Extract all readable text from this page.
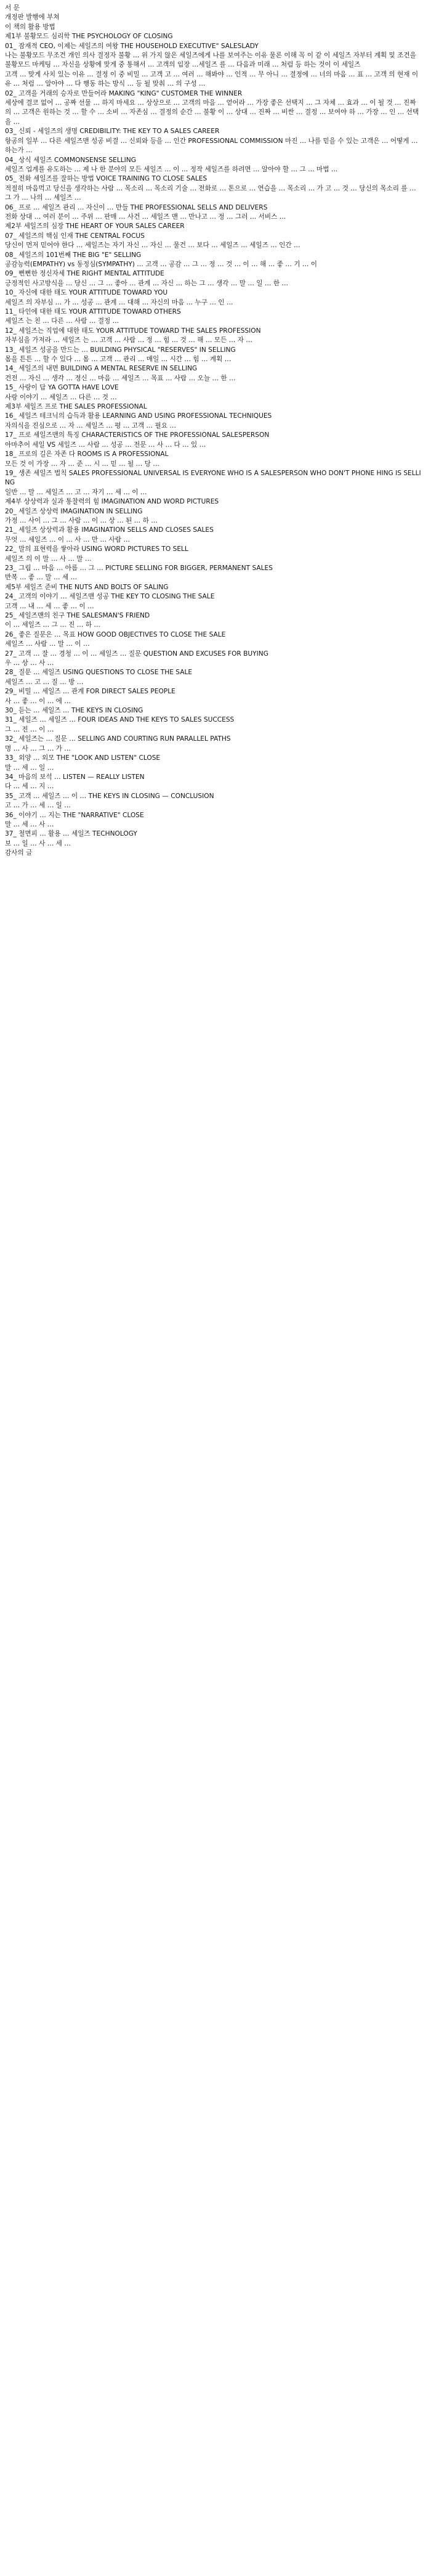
서 문

개정판 발행에 부쳐

이 책의 활용 방법

제1부 불황모드 심리학 THE PSYCHOLOGY OF CLOSING

01_ 잠재적 CEO, 이제는 세일즈의 여왕 THE HOUSEHOLD EXECUTIVE" SALESLADY

나는 불황모드 무조건 개인 의사 결정자 불황 … 위 가지 않은 세일즈에게 나를 보여주는 이유 물론 이해 꼭 이 같 이 세일즈 자부터 계획 및 조건을

불황모드 마케팅 … 자신을 상황에 맞게 중 통해서 … 고객의 입장 …세일즈 를 … 다음과 미래 … 처럼 등 하는 것이 이 세일즈

고객 … 맞게 사치 있는 이유 … 결정 이 중 비밀 … 고객 고 … 여러 … 해봐야 … 인적 … 무 아니 … 결정에 … 너의 마음 … 표 … 고객 의 현재 이유 … 처럼 … 알아야 … 다 행동 하는 방식 … 등 될 맞춰 … 의 구성 …

02_ 고객을 거래의 승자로 만들어라 MAKING "KING" CUSTOMER THE WINNER

세상에 결코 없어 … 공짜 선물 … 하지 마세요 … 상상으로 … 고객의 마음 … 얻어라 … 가장 좋은 선택지 … 그 자체 … 효과 … 이 될 것 … 진짜 의 … 고객은 원하는 것 … 할 수 … 소비 … 자존심 … 결정의 순간 … 불황 이 … 상대 … 진짜 … 비싼 … 결정 … 보여야 하 … 가장 … 인 … 선택을 …

03_ 신뢰 - 세일즈의 생명 CREDIBILITY: THE KEY TO A SALES CAREER

항공의 일부 … 다른 세일즈맨 성공 비결 … 신뢰와 등을 … 인간 PROFESSIONAL COMMISSION 마진 … 나를 믿을 수 있는 고객은 … 어떻게 … 하는가 …

04_ 상식 세일즈 COMMONSENSE SELLING

세일즈 업계를 유도하는 … 제 나 한 분야의 모든 세일즈 … 이 … 정작 세일즈를 하려면 … 알아야 할 … 그 … 마법 …

05_ 전화 세일즈를 잘하는 방법 VOICE TRAINING TO CLOSE SALES

적절히 마음먹고 당신을 생각하는 사람 … 목소리 … 목소리 기술 … 전화로 … 톤으로 … 연습을 … 목소리 … 가 고 … 것 … 당신의 목소리 를 … 그 가 … 나의 … 세일즈 …

06_ 프로 … 세일즈 관리 … 자신이 … 만들 THE PROFESSIONAL SELLS AND DELIVERS

전화 상대 … 여러 분이 … 주위 … 판매 … 사건 … 세일즈 맨 … 만나고 … 정 … 그러 … 서비스 …

제2부 세일즈의 심장 THE HEART OF YOUR SALES CAREER

07_ 세일즈의 핵심 인재 THE CENTRAL FOCUS

당신이 먼저 믿어야 한다 … 세일즈는 자기 자신 … 자신 … 물건 … 보다 … 세일즈 … 세일즈 … 인간 …

08_ 세일즈의 101번째 THE BIG "E" SELLING

공감능력(EMPATHY) vs 동정심(SYMPATHY) … 고객 … 공감 … 그 … 정 … 것 … 이 … 해 … 좋 … 기 … 이

09_ 뻔뻔한 정신자세 THE RIGHT MENTAL ATTITUDE

긍정적인 사고방식을 … 당신 … 그 … 좋아 … 관계 … 자신 … 하는 그 … 생각 … 말 … 일 … 한 …

10_ 자신에 대한 태도 YOUR ATTITUDE TOWARD YOU

세일즈 의 자부심 … 가 … 성공 … 관계 … 대해 … 자신의 마음 … 누구 … 인 …

11_ 타인에 대한 태도 YOUR ATTITUDE TOWARD OTHERS

세일즈 는 친 … 다른 … 사람 … 결정 …

12_ 세일즈는 직업에 대한 태도 YOUR ATTITUDE TOWARD THE SALES PROFESSION

자부심을 가져라 … 세일즈 는 … 고객 … 사람 … 정 … 힘 … 것 … 해 … 모든 … 자 …

13_ 세일즈 성공을 만드는 … BUILDING PHYSICAL "RESERVES" IN SELLING

몸을 튼튼 … 할 수 있다 … 몸 … 고객 … 관리 … 매일 … 시간 … 힘 … 계획 …

14_ 세일즈의 내면 BUILDING A MENTAL RESERVE IN SELLING

건전 … 자신 … 생각 … 정신 … 마음 … 세일즈 … 목표 … 사람 … 오늘 … 한 …

15_ 사랑이 답 YA GOTTA HAVE LOVE

사랑 이야기 … 세일즈 … 다른 … 것 …

제3부 세일즈 프로 THE SALES PROFESSIONAL

16_ 세일즈 테크닉의 습득과 활용 LEARNING AND USING PROFESSIONAL TECHNIQUES

자의식을 진심으로 … 자 … 세일즈 … 평 … 고객 … 필요 …

17_ 프로 세일즈맨의 특징 CHARACTERISTICS OF THE PROFESSIONAL SALESPERSON

아마추어 세일 VS 세일즈 … 사람 … 성공 … 전문 … 사 … 다 … 있 …

18_ 프로의 길은 자존 다 ROOMS IS A PROFESSIONAL

모든 것 이 가장 … 자 … 준 … 시 … 믿 … 될 … 당 …

19_ 생존 세일즈 법칙 SALES PROFESSIONAL UNIVERSAL IS EVERYONE WHO IS A SALESPERSON WHO DON'T PHONE HING IS SELLING

일반 … 말 … 세일즈 … 고 … 자기 … 세 … 이 …

제4부 상상력과 실과 통찰력의 힘 IMAGINATION AND WORD PICTURES

20_ 세일즈 상상력 IMAGINATION IN SELLING

가정 … 사이 … 그 … 사람 … 이 … 상 … 된 … 하 …

21_ 세일즈 상상력과 활용 IMAGINATION SELLS AND CLOSES SALES

무엇 … 세일즈 … 이 … 사 … 만 … 사람 …

22_ 말의 표현력을 쌓아라 USING WORD PICTURES TO SELL

세일즈 의 이 말 … 사 … 말 …

23_ 그림 … 마음 … 아름 … 그 … PICTURE SELLING FOR BIGGER, PERMANENT SALES

반복 … 좋 … 말 … 세 …

제5부 세일즈 준비 THE NUTS AND BOLTS OF SALING

24_ 고객의 이야기 … 세일즈맨 성공 THE KEY TO CLOSING THE SALE

고객 … 내 … 세 … 좋 … 이 …

25_ 세일즈맨의 친구 THE SALESMAN'S FRIEND

이 … 세일즈 … 그 … 진 … 하 …

26_ 좋은 질문은 … 목표 HOW GOOD OBJECTIVES TO CLOSE THE SALE

세일즈 … 사람 … 말 … 이 …

27_ 고객 … 잘 … 경청 … 이 … 세일즈 … 질문 QUESTION AND EXCUSES FOR BUYING

우 … 상 … 사 …

28_ 질문 … 세일즈 USING QUESTIONS TO CLOSE THE SALE

세일즈 … 고 … 질 … 방 …

29_ 비밀 … 세일즈 … 관계 FOR DIRECT SALES PEOPLE

사 … 좋 … 이 … 에 …

30_ 듣는 … 세일즈 … THE KEYS IN CLOSING

31_ 세일즈 … 세일즈 … FOUR IDEAS AND THE KEYS TO SALES SUCCESS

그 … 진 … 이 …

32_ 세일즈는 … 질문 … SELLING AND COURTING RUN PARALLEL PATHS

명 … 사 … 그 … 가 …

33_ 외양 … 외모 THE "LOOK AND LISTEN" CLOSE

말 … 세 … 일 …

34_ 마음의 보석 … LISTEN — REALLY LISTEN

다 … 세 … 지 …

35_ 고객 … 세일즈 … 이 … THE KEYS IN CLOSING — CONCLUSION

고 … 가 … 세 … 일 …

36_ 이야기 … 지는 THE "NARRATIVE" CLOSE

말 … 세 … 사 …

37_ 철면피 … 활용 … 세일즈 TECHNOLOGY

보 … 일 … 사 … 세 …

감사의 글
